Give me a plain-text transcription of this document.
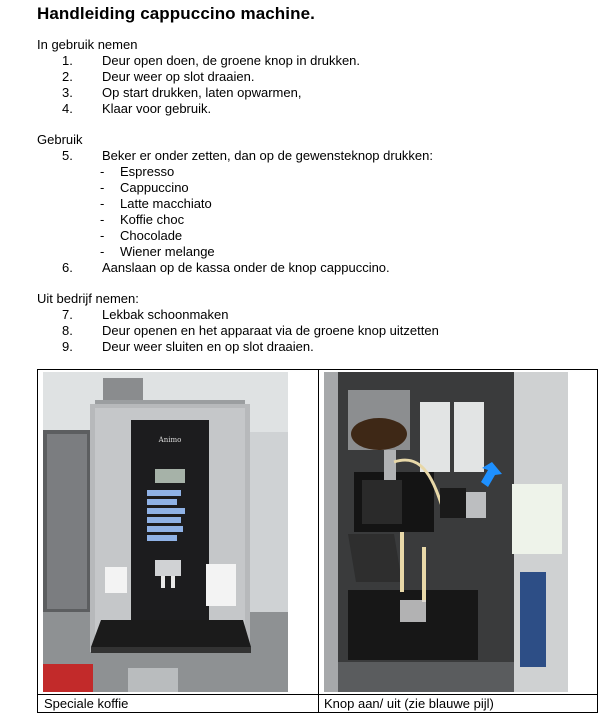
Handleiding cappuccino machine.
In gebruik nemen
1. Deur open doen, de groene knop in drukken.
2. Deur weer op slot draaien.
3. Op start drukken, laten opwarmen,
4. Klaar voor gebruik.
Gebruik
5. Beker er onder zetten, dan op de gewensteknop drukken:
- Espresso
- Cappuccino
- Latte macchiato
- Koffie choc
- Chocolade
- Wiener melange
6. Aanslaan op de kassa onder de knop cappuccino.
Uit bedrijf nemen:
7. Lekbak schoonmaken
8. Deur openen en het apparaat via de groene knop uitzetten
9. Deur weer sluiten en op slot draaien.
Animo
Speciale koffie	Knop aan/ uit (zie blauwe pijl)
